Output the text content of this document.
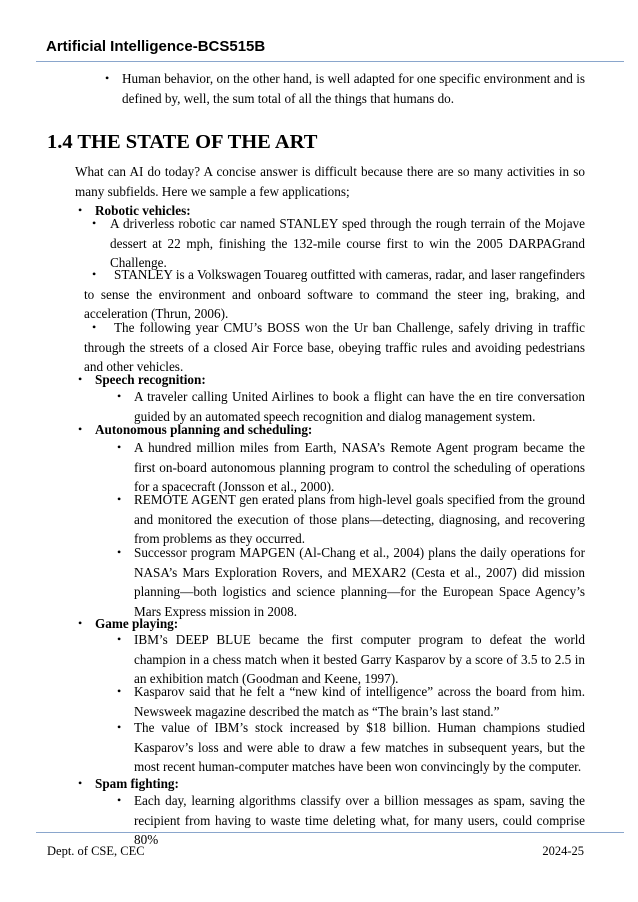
Artificial Intelligence-BCS515B
• Human behavior, on the other hand, is well adapted for one specific environment and is defined by, well, the sum total of all the things that humans do.
1.4 THE STATE OF THE ART
What can AI do today? A concise answer is difficult because there are so many activities in so many subfields. Here we sample a few applications;
• Robotic vehicles:
• A driverless robotic car named STANLEY sped through the rough terrain of the Mojave dessert at 22 mph, finishing the 132-mile course first to win the 2005 DARPAGrand Challenge.
•	STANLEY is a Volkswagen Touareg outfitted with cameras, radar, and laser rangefinders to sense the environment and onboard software to command the steer ing, braking, and acceleration (Thrun, 2006).
•	The following year CMU’s BOSS won the Ur ban Challenge, safely driving in traffic through the streets of a closed Air Force base, obeying traffic rules and avoiding pedestrians and other vehicles.
• Speech recognition:
• A traveler calling United Airlines to book a flight can have the en tire conversation guided by an automated speech recognition and dialog management system.
• Autonomous planning and scheduling:
• A hundred million miles from Earth, NASA’s Remote Agent program became the first on-board autonomous planning program to control the scheduling of operations for a spacecraft (Jonsson et al., 2000).
• REMOTE AGENT gen erated plans from high-level goals specified from the ground and monitored the execution of those plans—detecting, diagnosing, and recovering from problems as they occurred.
• Successor program MAPGEN (Al-Chang et al., 2004) plans the daily operations for NASA’s Mars Exploration Rovers, and MEXAR2 (Cesta et al., 2007) did mission planning—both logistics and science planning—for the European Space Agency’s Mars Express mission in 2008.
• Game playing:
• IBM’s DEEP BLUE became the first computer program to defeat the world champion in a chess match when it bested Garry Kasparov by a score of 3.5 to 2.5 in an exhibition match (Goodman and Keene, 1997).
• Kasparov said that he felt a “new kind of intelligence” across the board from him. Newsweek magazine described the match as “The brain’s last stand.”
• The value of IBM’s stock increased by $18 billion. Human champions studied Kasparov’s loss and were able to draw a few matches in subsequent years, but the most recent human-computer matches have been won convincingly by the computer.
• Spam fighting:
• Each day, learning algorithms classify over a billion messages as spam, saving the recipient from having to waste time deleting what, for many users, could comprise 80%
Dept. of CSE, CEC	2024-25
